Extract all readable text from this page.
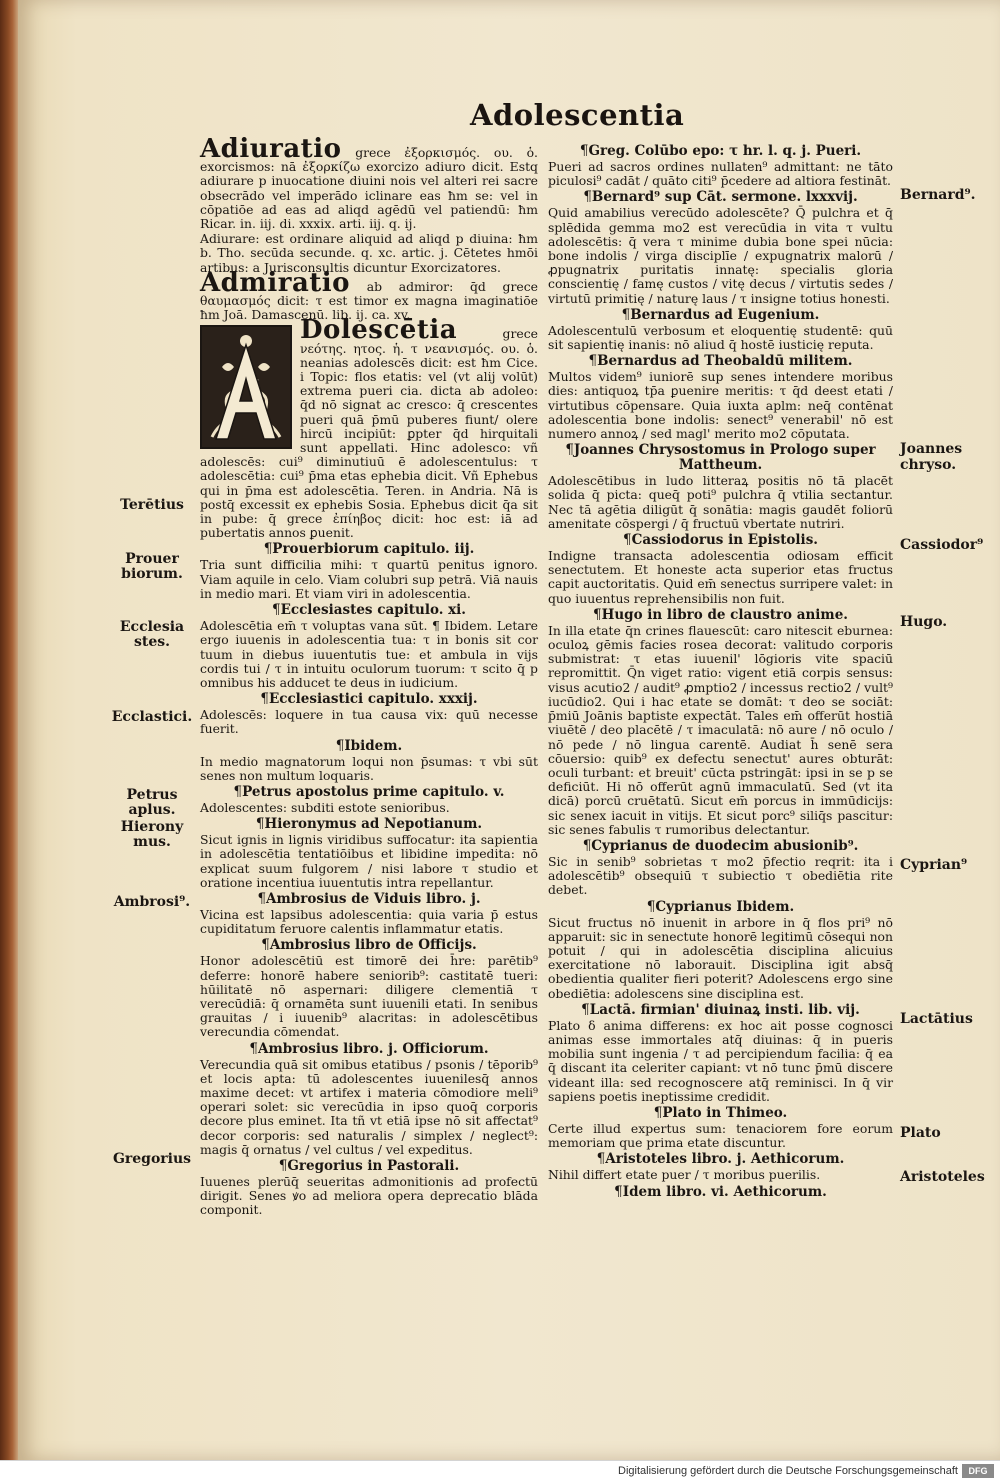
Adolescentia

Adiuratio grece ἐξορκισμός. ου. ὁ. exorcismos: nā ἐξορκίζω exorcizo adiuro dicit. Estq adiurare p inuocatione diuini nois vel alteri rei sacre obsecrādo vel imperādo iclinare eas ħm se: vel in cōpatiōe ad eas ad aliqd agēdū vel patiendū: ħm Ricar. in. iij. di. xxxix. arti. iij. q. ij.

Adiurare: est ordinare aliquid ad aliqd p diuina: ħm b. Tho. secūda secunde. q. xc. artic. j. Cētetes hmōi artibus: a Jurisconsultis dicuntur Exorcizatores.

Admiratio ab admiror: q̄d grece θαυμασμός dicit: τ est timor ex magna imaginatiōe ħm Joā. Damascenū. lib. ij. ca. xv.

Dolescētia grece νεότης. ητος. ἡ. τ νεανισμός. ου. ὁ. neanias adolescēs dicit: est ħm Cice. i Topic: flos etatis: vel (vt alij volūt) extrema pueri cia. dicta ab adoleo: q̄d nō signat ac cresco: q̄ crescentes pueri quā p̄mū puberes fiunt/ olere hircū incipiūt: ꝑpter q̄d hirquitali sunt appellati. Hinc adolesco: vñ adolescēs: cui⁹ diminutiuū ē adolescentulus: τ adolescētia: cui⁹ p̄ma etas ephebia dicit. Vñ Ephebus qui in p̄ma est adolescētia. Teren. in Andria. Nā is postq̄ excessit ex ephebis Sosia. Ephebus dicit q̄a sit in pube: q̄ grece ἐπίηβος dicit: hoc est: iā ad pubertatis annos ꝑuenit.

¶ Prouerbiorum capitulo. iij.

Tria sunt difficilia mihi: τ quartū penitus ignoro. Viam aquile in celo. Viam colubri sup petrā. Viā nauis in medio mari. Et viam viri in adolescentia.

¶ Ecclesiastes capitulo. xi.

Adolescētia em̄ τ voluptas vana sūt. ¶ Ibidem. Letare ergo iuuenis in adolescentia tua: τ in bonis sit cor tuum in diebus iuuentutis tue: et ambula in vijs cordis tui / τ in intuitu oculorum tuorum: τ scito q̄ p omnibus his adducet te deus in iudicium.

¶ Ecclesiastici capitulo. xxxij.

Adolescēs: loquere in tua causa vix: quū necesse fuerit.

¶ Ibidem.

In medio magnatorum loqui non p̄sumas: τ vbi sūt senes non multum loquaris.

¶ Petrus apostolus prime capitulo. v.

Adolescentes: subditi estote senioribus.

¶ Hieronymus ad Nepotianum.

Sicut ignis in lignis viridibus suffocatur: ita sapientia in adolescētia tentatiōibus et libidine impedita: nō explicat suum fulgorem / nisi labore τ studio et oratione incentiua iuuentutis intra repellantur.

¶ Ambrosius de Viduis libro. j.

Vicina est lapsibus adolescentia: quia varia p̄ estus cupiditatum feruore calentis inflammatur etatis.

¶ Ambrosius libro de Officijs.

Honor adolescētiū est timorē dei h̄re: parētib⁹ deferre: honorē habere seniorib⁹: castitatē tueri: hūilitatē nō aspernari: diligere clementiā τ verecūdiā: q̄ ornamēta sunt iuuenili etati. In senibus grauitas / i iuuenib⁹ alacritas: in adolescētibus verecundia cōmendat.

¶ Ambrosius libro. j. Officiorum.

Verecundia quā sit omibus etatibus / psonis / tēporib⁹ et locis apta: tū adolescentes iuuenilesq̄ annos maxime decet: vt artifex i materia cōmodiore meli⁹ operari solet: sic verecūdia in ipso quoq̄ corporis decore plus eminet. Ita tñ vt etiā ipse nō sit affectat⁹ decor corporis: sed naturalis / simplex / neglect⁹: magis q̄ ornatus / vel cultus / vel expeditus.

¶ Gregorius in Pastorali.

Iuuenes plerūq̄ seueritas admonitionis ad profectū dirigit. Senes ꝟo ad meliora opera deprecatio blāda componit.

¶ Greg. Colūbo epo: τ hr. l. q. j. Pueri.

Pueri ad sacros ordines nullaten⁹ admittant: ne tāto piculosi⁹ cadāt / quāto citi⁹ p̄cedere ad altiora festināt.

¶ Bernard⁹ sup Cāt. sermone. lxxxvij.

Quid amabilius verecūdo adolescēte? Q̄ pulchra et q̄ splēdida gemma mo2 est verecūdia in vita τ vultu adolescētis: q̄ vera τ minime dubia bone spei nūcia: bone indolis / virga disciplīe / expugnatrix malorū / ꝓpugnatrix puritatis innatę: specialis gloria conscientię / famę custos / vitę decus / virtutis sedes / virtutū primitię / naturę laus / τ insigne totius honesti.

¶ Bernardus ad Eugenium.

Adolescentulū verbosum et eloquentię studentē: quū sit sapientię inanis: nō aliud q̄ hostē iusticię reputa.

¶ Bernardus ad Theobaldū militem.

Multos videm⁹ iuniorē sup senes intendere moribus dies: antiquoꝝ tp̄a ꝑuenire meritis: τ q̄d deest etati / virtutibus cōpensare. Quia iuxta aplm: neq̄ contēnat adolescentia bone indolis: senect⁹ venerabil' nō est numero annoꝝ / sed magl' merito mo2 cōputata.

¶ Joannes Chrysostomus in Prologo super Mattheum.

Adolescētibus in ludo litteraꝝ positis nō tā placēt solida q̄ picta: queq̄ poti⁹ pulchra q̄ vtilia sectantur. Nec tā agētia diligūt q̄ sonātia: magis gaudēt foliorū amenitate cōspergi / q̄ fructuū vbertate nutriri.

¶ Cassiodorus in Epistolis.

Indigne transacta adolescentia odiosam efficit senectutem. Et honeste acta superior etas fructus capit auctoritatis. Quid em̄ senectus surripere valet: in quo iuuentus reprehensibilis non fuit.

¶ Hugo in libro de claustro anime.

In illa etate q̄n crines flauescūt: caro nitescit eburnea: oculoꝝ gēmis facies rosea decorat: valitudo corporis submistrat: τ etas iuuenil' lōgioris vite spaciū repromittit. Q̄n viget ratio: vigent etiā corpis sensus: visus acutio2 / audit⁹ ꝓmptio2 / incessus rectio2 / vult⁹ iucūdio2. Qui i hac etate se domāt: τ deo se sociāt: p̄miū Joānis baptiste expectāt. Tales em̄ offerūt hostiā viuētē / deo placētē / τ imaculatā: nō aure / nō oculo / nō pede / nō lingua carentē. Audiat h̄ senē sera cōuersio: quib⁹ ex defectu senectut' aures obturāt: oculi turbant: et breuit' cūcta pstringāt: ipsi in se p se deficiūt. Hi nō offerūt agnū immaculatū. Sed (vt ita dicā) porcū cruētatū. Sicut em̄ porcus in immūdicijs: sic senex iacuit in vitijs. Et sicut porc⁹ siliq̄s pascitur: sic senes fabulis τ rumoribus delectantur.

¶ Cyprianus de duodecim abusionib⁹.

Sic in senib⁹ sobrietas τ mo2 p̄fectio reqrit: ita i adolescētib⁹ obsequiū τ subiectio τ obediētia rite debet.

¶ Cyprianus Ibidem.

Sicut fructus nō inuenit in arbore in q̄ flos pri⁹ nō apparuit: sic in senectute honorē legitimū cōsequi non potuit / qui in adolescētia disciplina alicuius exercitatione nō laborauit. Disciplina igit absq̄ obedientia qualiter fieri poterit? Adolescens ergo sine obediētia: adolescens sine disciplina est.

¶ Lactā. firmian' diuinaꝝ insti. lib. vij.

Plato δ anima differens: ex hoc ait posse cognosci animas esse immortales atq̄ diuinas: q̄ in pueris mobilia sunt ingenia / τ ad percipiendum facilia: q̄ ea q̄ discant ita celeriter capiant: vt nō tunc p̄mū discere videant illa: sed recognoscere atq̄ reminisci. In q̄ vir sapiens poetis ineptissime credidit.

¶ Plato in Thimeo.

Certe illud expertus sum: tenaciorem fore eorum memoriam que prima etate discuntur.

¶ Aristoteles libro. j. Aethicorum.

Nihil differt etate puer / τ moribus puerilis.

¶ Idem libro. vi. Aethicorum.
Terētius
Prouer
biorum.
Ecclesia
stes.
Ecclastici.
Petrus
aplus.
Hierony
mus.
Ambrosi⁹.
Gregorius
Bernard⁹.
Joannes
chryso.
Cassiodor⁹
Hugo.
Cyprian⁹
Lactātius
Plato
Aristoteles
Digitalisierung gefördert durch die Deutsche Forschungsgemeinschaft	DFG
